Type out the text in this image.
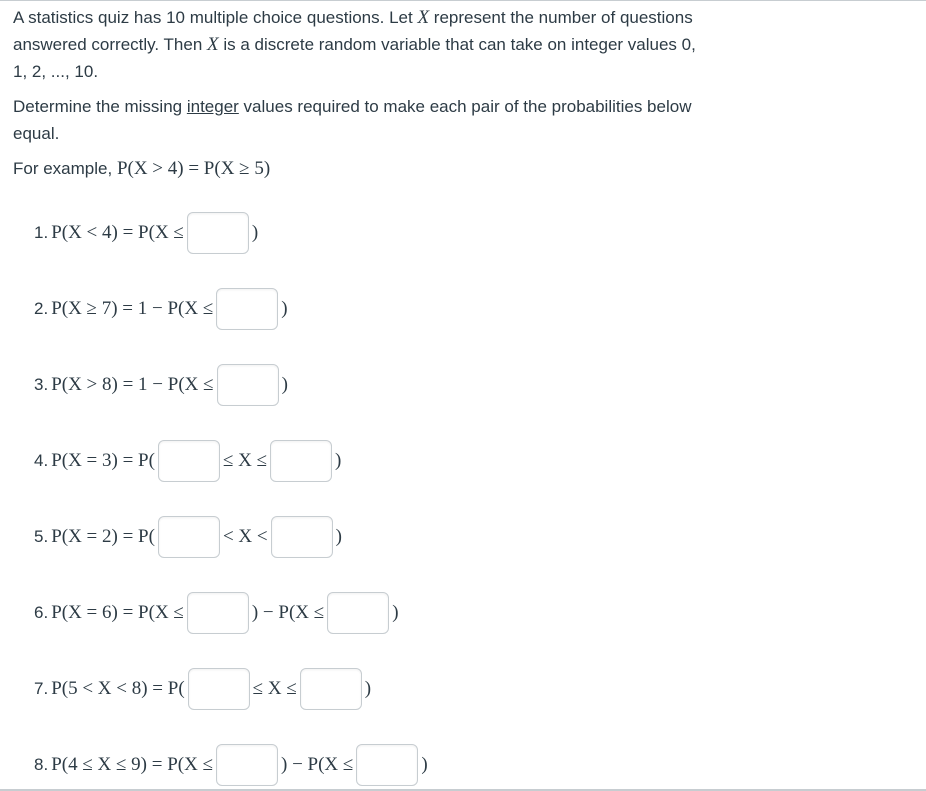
A statistics quiz has 10 multiple choice questions. Let X represent the number of questions answered correctly. Then X is a discrete random variable that can take on integer values 0, 1, 2, ..., 10.
Determine the missing integer values required to make each pair of the probabilities below equal.
For example, P(X > 4) = P(X ≥ 5)
1. P(X < 4) = P(X ≤	)
2. P(X ≥ 7) = 1 − P(X ≤	)
3. P(X > 8) = 1 − P(X ≤	)
4. P(X = 3) = P(	≤ X ≤	)
5. P(X = 2) = P(	< X <	)
6. P(X = 6) = P(X ≤	) − P(X ≤	)
7. P(5 < X < 8) = P(	≤ X ≤	)
8. P(4 ≤ X ≤ 9) = P(X ≤	) − P(X ≤	)
